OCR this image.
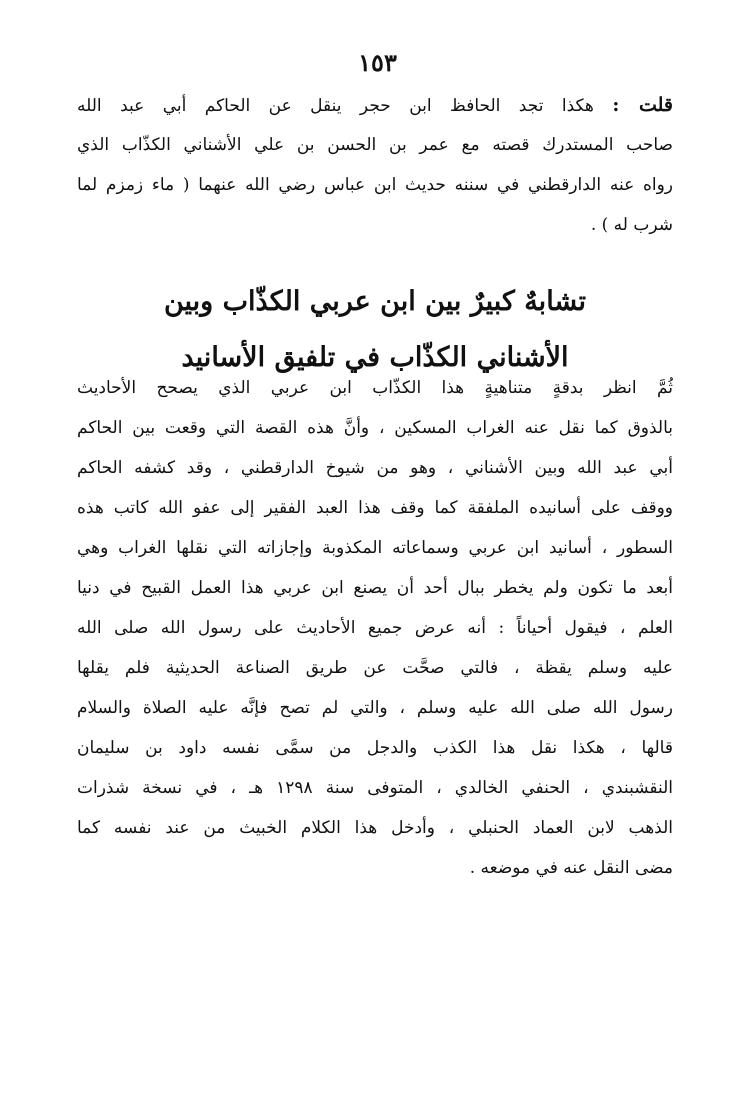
١٥٣
قلت : هكذا تجد الحافظ ابن حجر ينقل عن الحاكم أبي عبد الله
صاحب المستدرك قصته مع عمر بن الحسن بن علي الأشناني الكذّاب الذي
رواه عنه الدارقطني في سننه حديث ابن عباس رضي الله عنهما ( ماء زمزم لما
شرب له ) .
تشابهٌ كبيرٌ بين ابن عربي الكذّاب وبين
الأشناني الكذّاب في تلفيق الأسانيد
ثُمَّ انظر بدقةٍ متناهيةٍ هذا الكذّاب ابن عربي الذي يصحح الأحاديث
بالذوق كما نقل عنه الغراب المسكين ، وأنَّ هذه القصة التي وقعت بين الحاكم
أبي عبد الله وبين الأشناني ، وهو من شيوخ الدارقطني ، وقد كشفه الحاكم
ووقف على أسانيده الملفقة كما وقف هذا العبد الفقير إلى عفو الله كاتب هذه
السطور ، أسانيد ابن عربي وسماعاته المكذوبة وإجازاته التي نقلها الغراب وهي
أبعد ما تكون ولم يخطر ببال أحد أن يصنع ابن عربي هذا العمل القبيح في دنيا
العلم ، فيقول أحياناً : أنه عرض جميع الأحاديث على رسول الله صلى الله
عليه وسلم يقظة ، فالتي صحَّت عن طريق الصناعة الحديثية فلم يقلها
رسول الله صلى الله عليه وسلم ، والتي لم تصح فإنَّه عليه الصلاة والسلام
قالها ، هكذا نقل هذا الكذب والدجل من سمَّى نفسه داود بن سليمان
النقشبندي ، الحنفي الخالدي ، المتوفى سنة ١٢٩٨ هـ ، في نسخة شذرات
الذهب لابن العماد الحنبلي ، وأدخل هذا الكلام الخبيث من عند نفسه كما
مضى النقل عنه في موضعه .
